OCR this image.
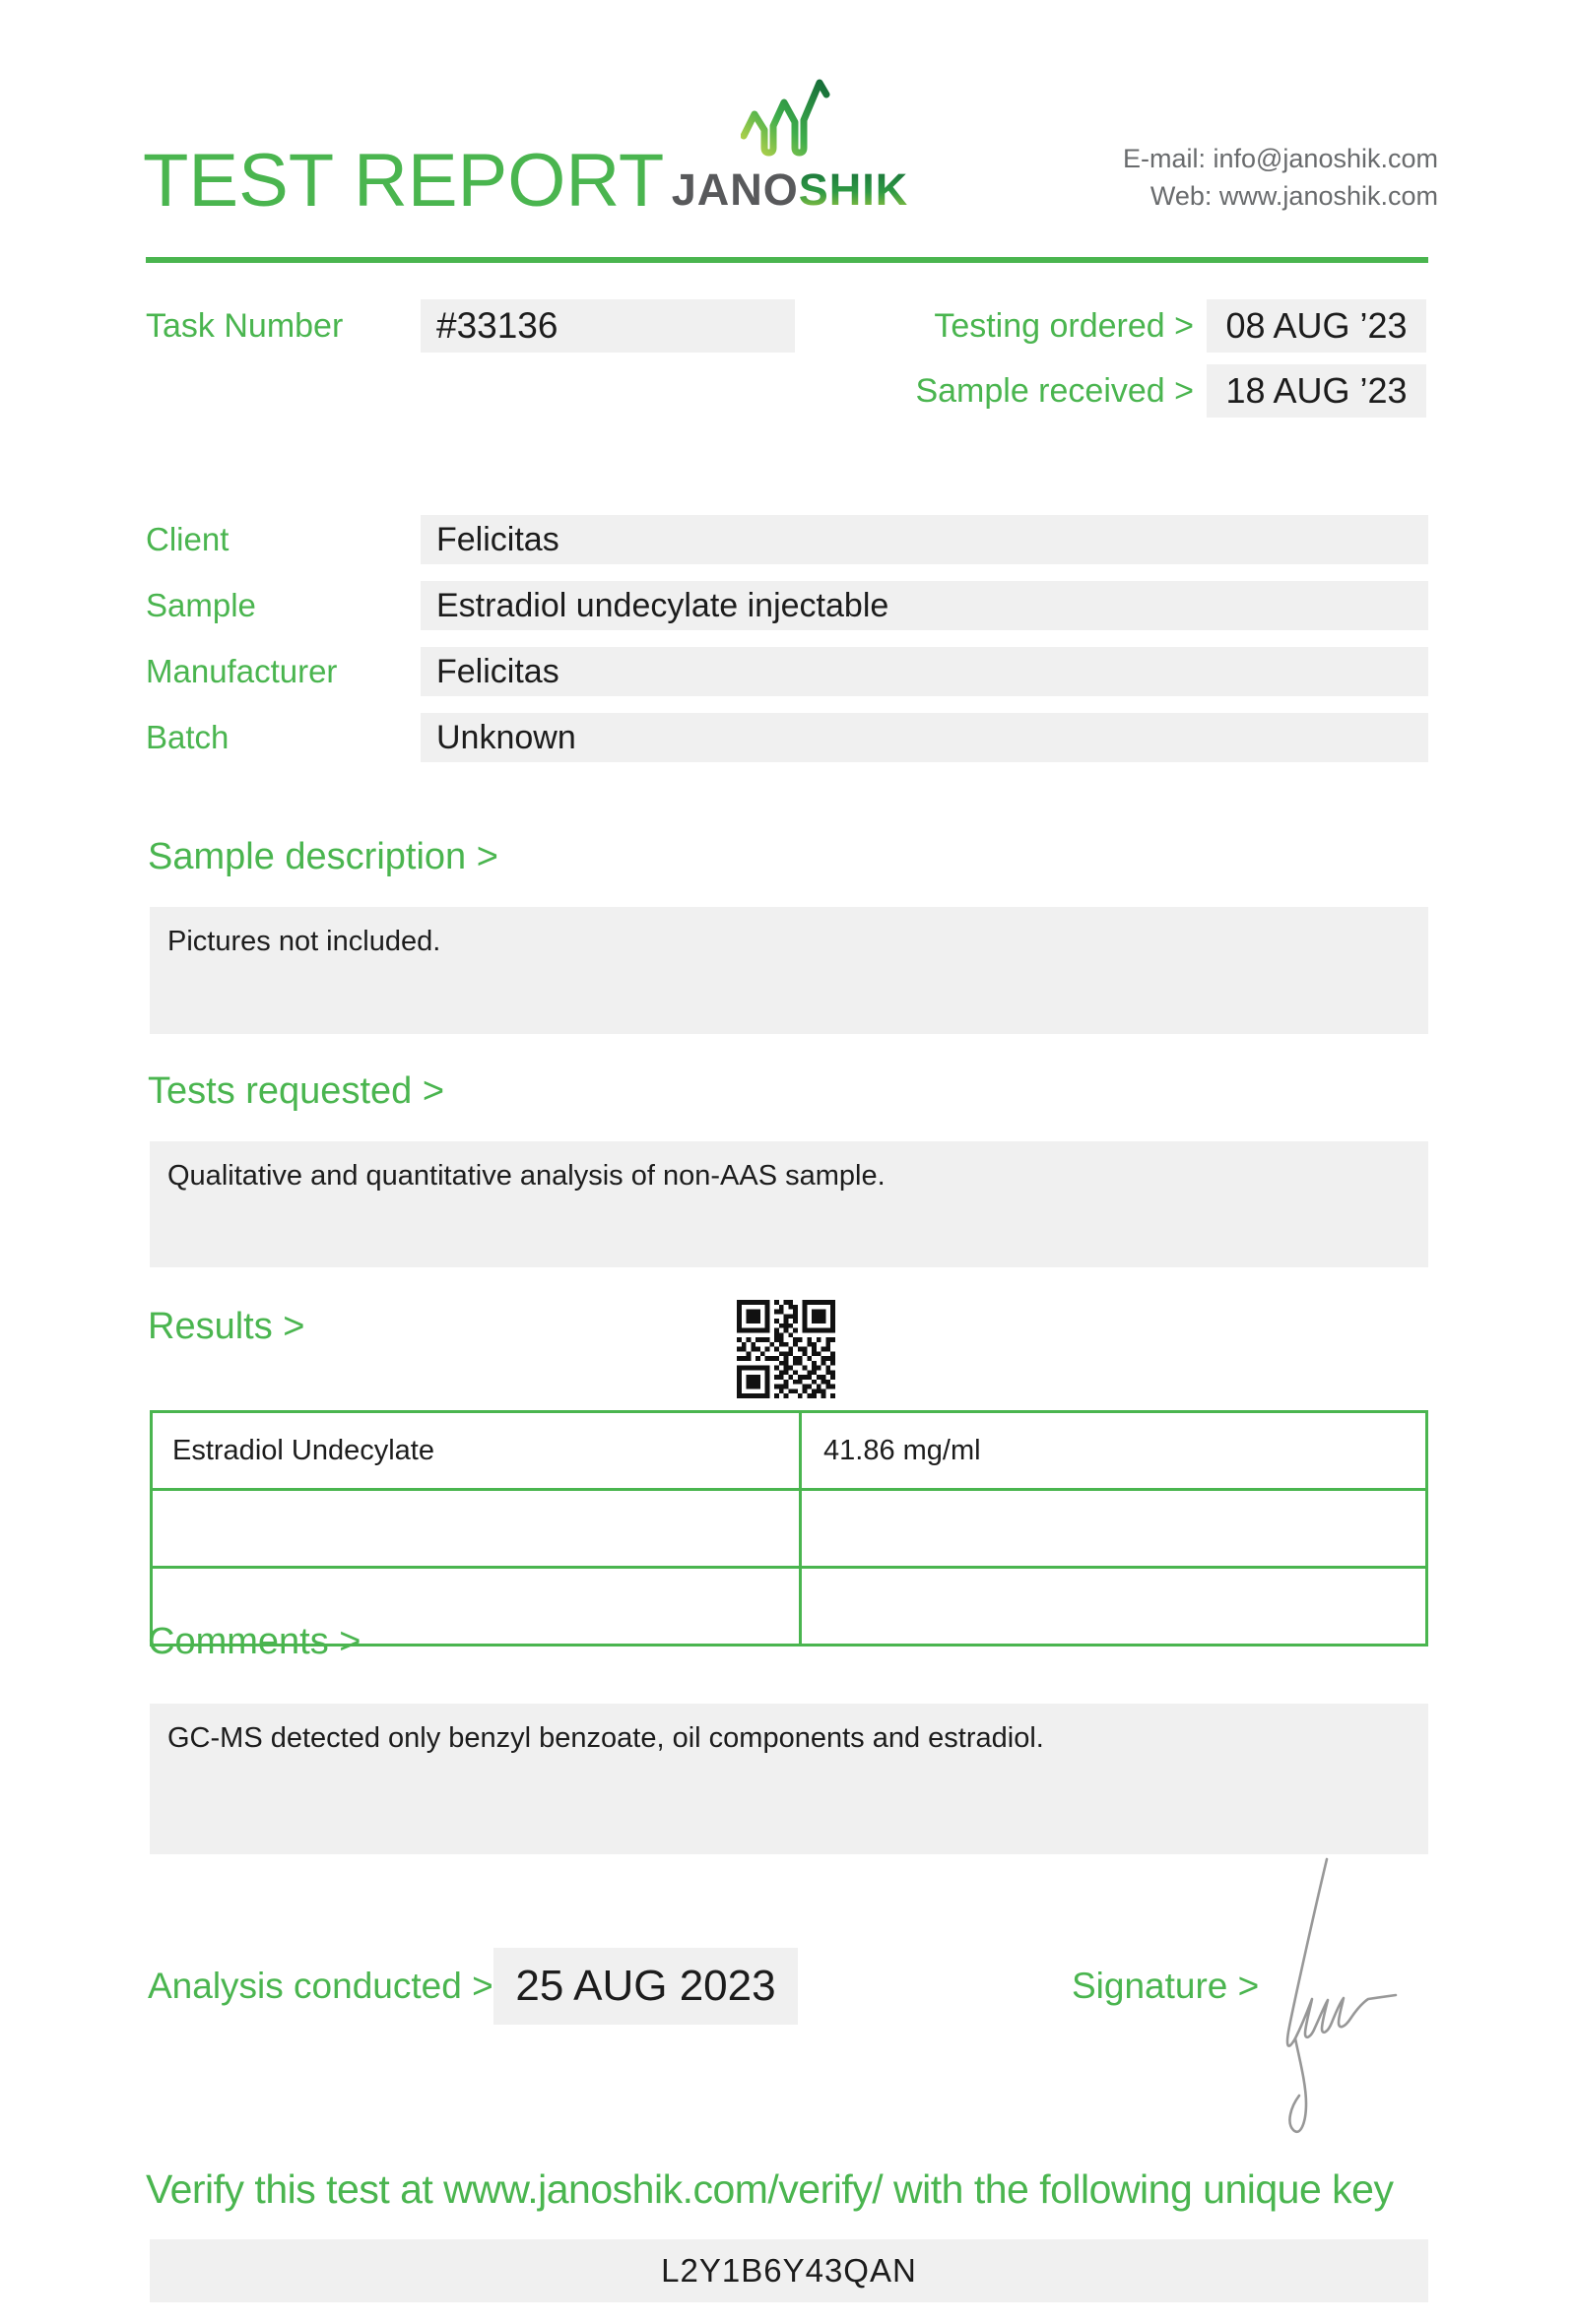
TEST REPORT JANOSHIK
E-mail: info@janoshik.com
Web: www.janoshik.com
Task Number	#33136	Testing ordered > 08 AUG ’23
Sample received > 18 AUG ’23
Client	Felicitas
Sample	Estradiol undecylate injectable
Manufacturer	Felicitas
Batch	Unknown
Sample description >

Pictures not included.

Tests requested >

Qualitative and quantitative analysis of non-AAS sample.

Results >
Estradiol Undecylate	41.86 mg/ml
Comments >

GC-MS detected only benzyl benzoate, oil components and estradiol.

Analysis conducted > 25 AUG 2023	Signature >
Verify this test at www.janoshik.com/verify/ with the following unique key
L2Y1B6Y43QAN
